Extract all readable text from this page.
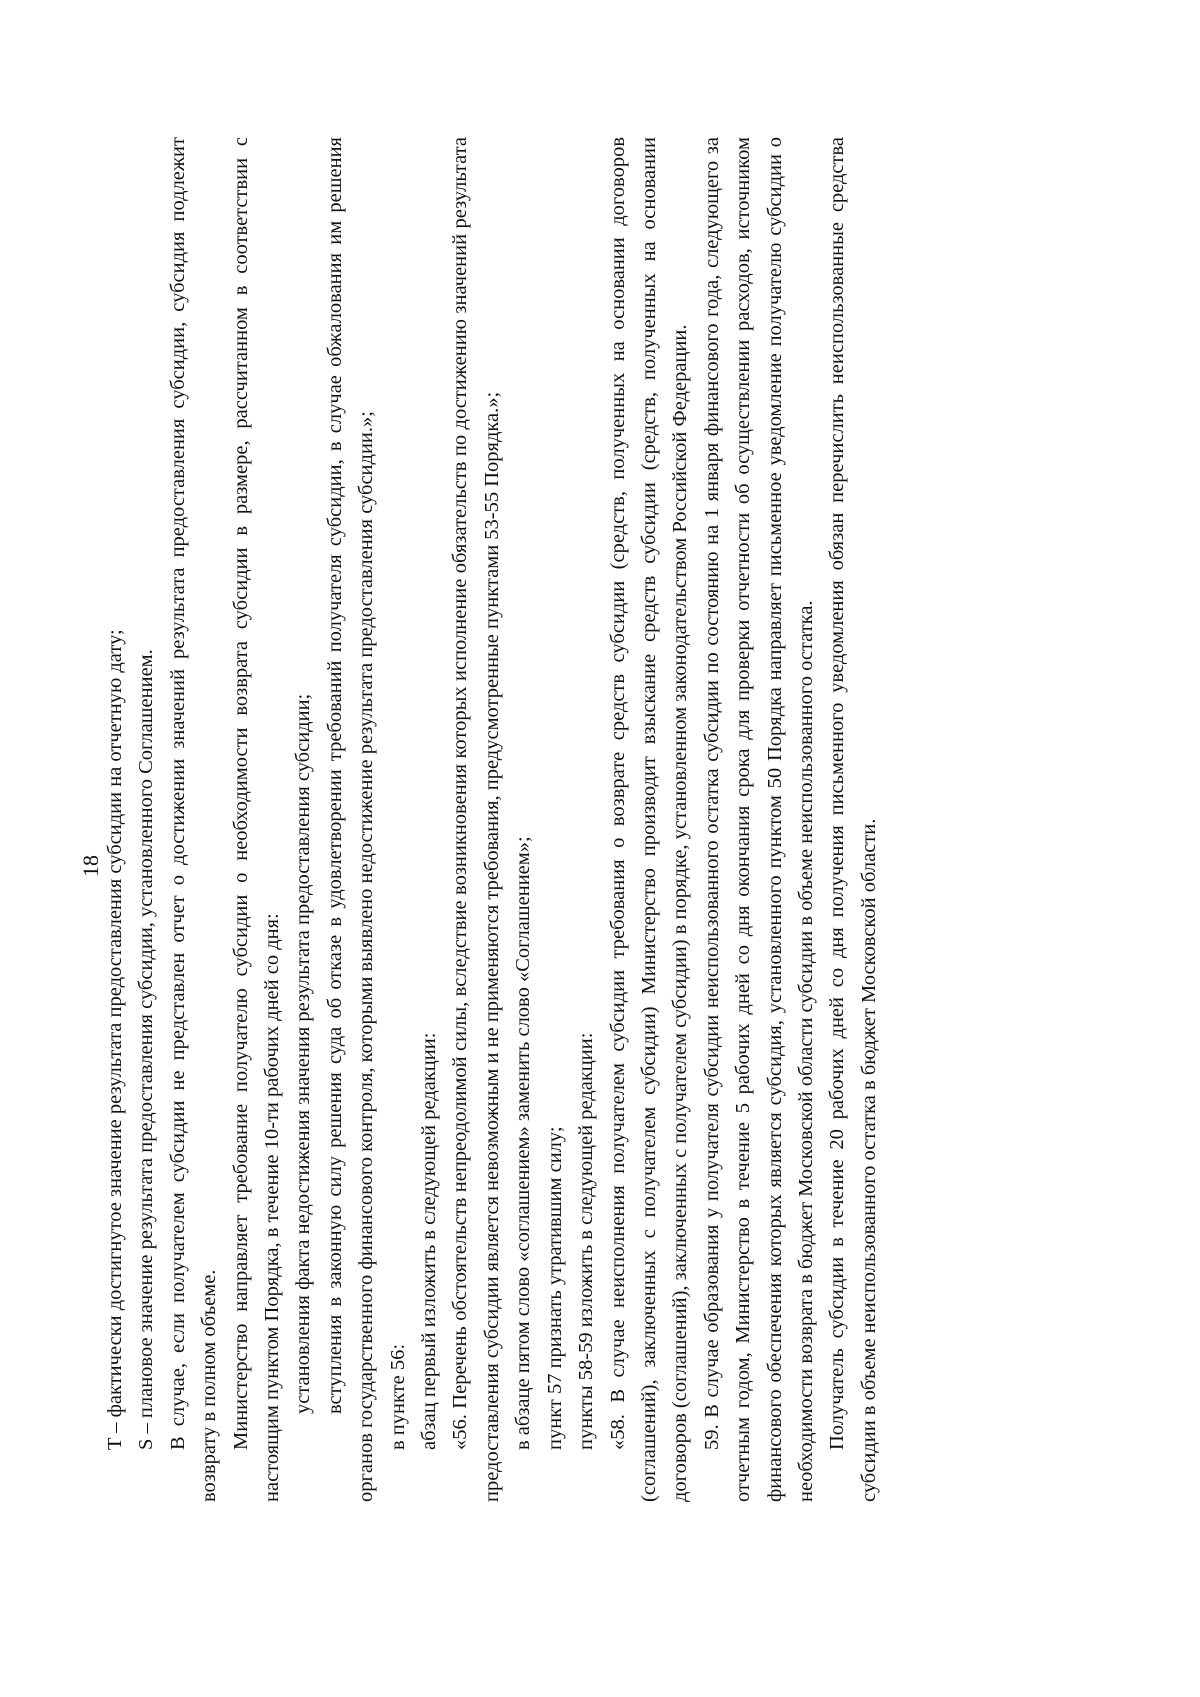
18 T – фактически достигнутое значение результата предоставления субсидии на отчетную дату; S – плановое значение результата предоставления субсидии, установленного Соглашением. В случае, если получателем субсидии не представлен отчет о достижении значений результата предоставления субсидии, субсидия подлежит возврату в полном объеме. Министерство направляет требование получателю субсидии о необходимости возврата субсидии в размере, рассчитанном в соответствии с настоящим пунктом Порядка, в течение 10-ти рабочих дней со дня: установления факта недостижения значения результата предоставления субсидии; вступления в законную силу решения суда об отказе в удовлетворении требований получателя субсидии, в случае обжалования им решения органов государственного финансового контроля, которыми выявлено недостижение результата предоставления субсидии.»; в пункте 56: абзац первый изложить в следующей редакции: «56. Перечень обстоятельств непреодолимой силы, вследствие возникновения которых исполнение обязательств по достижению значений результата предоставления субсидии является невозможным и не применяются требования, предусмотренные пунктами 53-55 Порядка.»; в абзаце пятом слово «соглашением» заменить слово «Соглашением»; пункт 57 признать утратившим силу; пункты 58-59 изложить в следующей редакции: «58. В случае неисполнения получателем субсидии требования о возврате средств субсидии (средств, полученных на основании договоров (соглашений), заключенных с получателем субсидии) Министерство производит взыскание средств субсидии (средств, полученных на основании договоров (соглашений), заключенных с получателем субсидии) в порядке, установленном законодательством Российской Федерации. 59. В случае образования у получателя субсидии неиспользованного остатка субсидии по состоянию на 1 января финансового года, следующего за отчетным годом, Министерство в течение 5 рабочих дней со дня окончания срока для проверки отчетности об осуществлении расходов, источником финансового обеспечения которых является субсидия, установленного пунктом 50 Порядка направляет письменное уведомление получателю субсидии о необходимости возврата в бюджет Московской области субсидии в объеме неиспользованного остатка. Получатель субсидии в течение 20 рабочих дней со дня получения письменного уведомления обязан перечислить неиспользованные средства субсидии в объеме неиспользованного остатка в бюджет Московской области.
